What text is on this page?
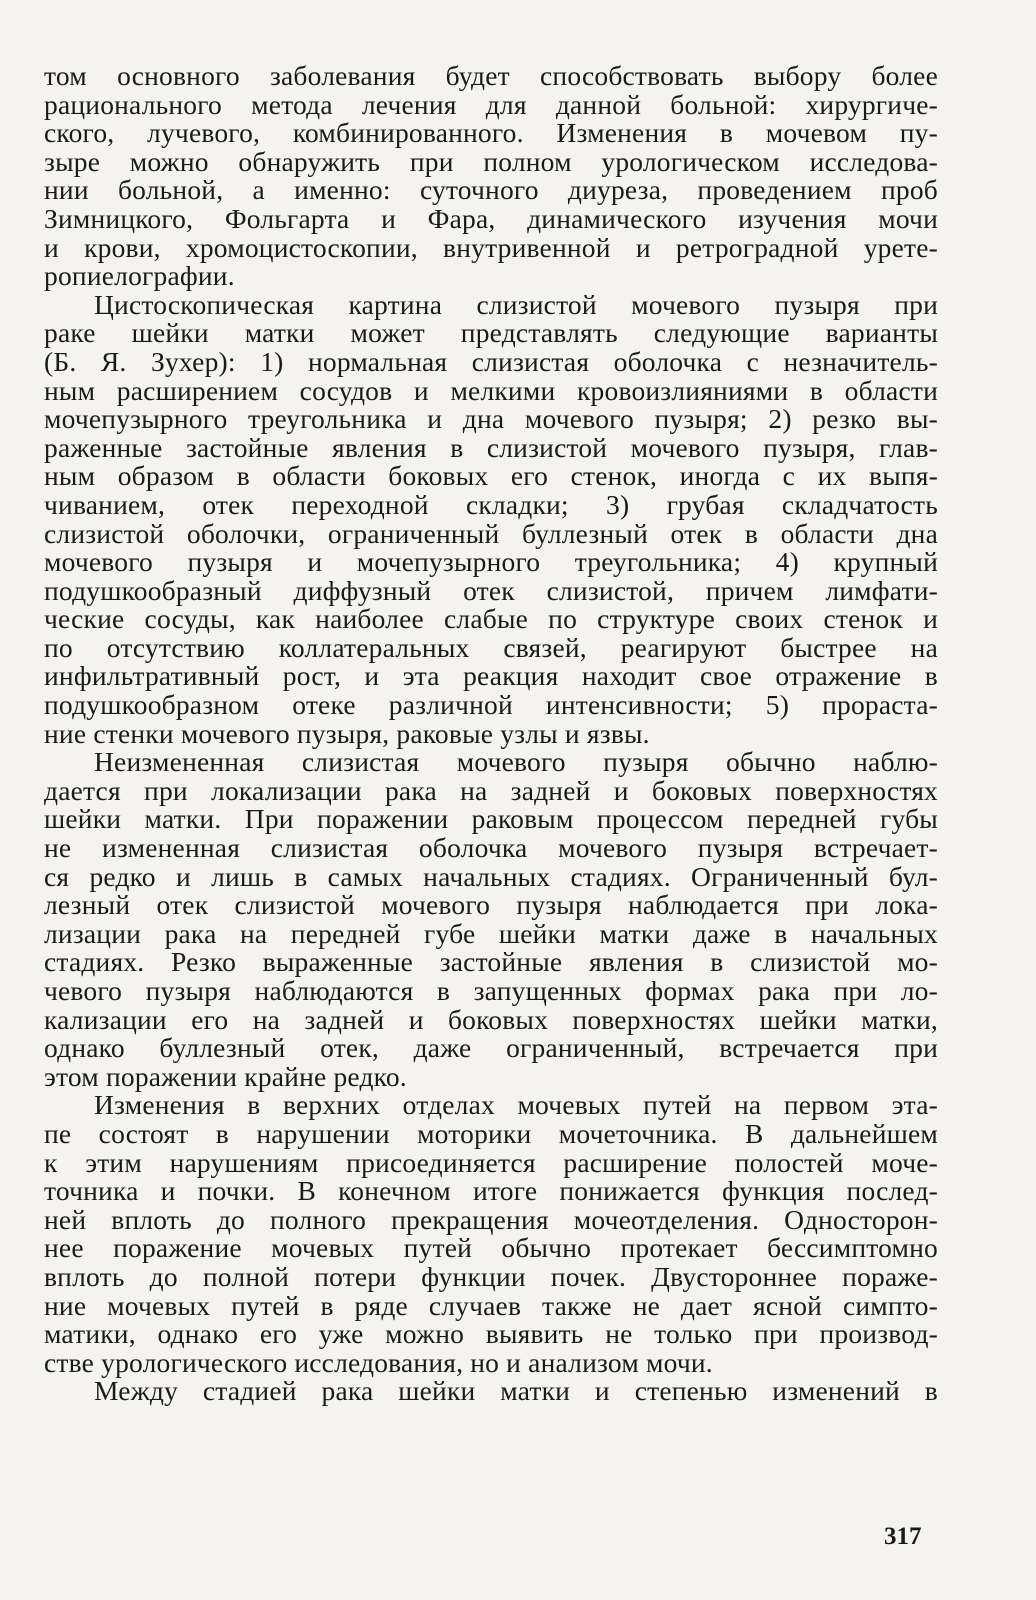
том основного заболевания будет способствовать выбору более
рационального метода лечения для данной больной: хирургиче-
ского, лучевого, комбинированного. Изменения в мочевом пу-
зыре можно обнаружить при полном урологическом исследова-
нии больной, а именно: суточного диуреза, проведением проб
Зимницкого, Фольгарта и Фара, динамического изучения мочи
и крови, хромоцистоскопии, внутривенной и ретроградной урете-
ропиелографии.
Цистоскопическая картина слизистой мочевого пузыря при
раке шейки матки может представлять следующие варианты
(Б. Я. Зухер): 1) нормальная слизистая оболочка с незначитель-
ным расширением сосудов и мелкими кровоизлияниями в области
мочепузырного треугольника и дна мочевого пузыря; 2) резко вы-
раженные застойные явления в слизистой мочевого пузыря, глав-
ным образом в области боковых его стенок, иногда с их выпя-
чиванием, отек переходной складки; 3) грубая складчатость
слизистой оболочки, ограниченный буллезный отек в области дна
мочевого пузыря и мочепузырного треугольника; 4) крупный
подушкообразный диффузный отек слизистой, причем лимфати-
ческие сосуды, как наиболее слабые по структуре своих стенок и
по отсутствию коллатеральных связей, реагируют быстрее на
инфильтративный рост, и эта реакция находит свое отражение в
подушкообразном отеке различной интенсивности; 5) прораста-
ние стенки мочевого пузыря, раковые узлы и язвы.
Неизмененная слизистая мочевого пузыря обычно наблю-
дается при локализации рака на задней и боковых поверхностях
шейки матки. При поражении раковым процессом передней губы
не измененная слизистая оболочка мочевого пузыря встречает-
ся редко и лишь в самых начальных стадиях. Ограниченный бул-
лезный отек слизистой мочевого пузыря наблюдается при лока-
лизации рака на передней губе шейки матки даже в начальных
стадиях. Резко выраженные застойные явления в слизистой мо-
чевого пузыря наблюдаются в запущенных формах рака при ло-
кализации его на задней и боковых поверхностях шейки матки,
однако буллезный отек, даже ограниченный, встречается при
этом поражении крайне редко.
Изменения в верхних отделах мочевых путей на первом эта-
пе состоят в нарушении моторики мочеточника. В дальнейшем
к этим нарушениям присоединяется расширение полостей моче-
точника и почки. В конечном итоге понижается функция послед-
ней вплоть до полного прекращения мочеотделения. Односторон-
нее поражение мочевых путей обычно протекает бессимптомно
вплоть до полной потери функции почек. Двустороннее пораже-
ние мочевых путей в ряде случаев также не дает ясной симпто-
матики, однако его уже можно выявить не только при производ-
стве урологического исследования, но и анализом мочи.
Между стадией рака шейки матки и степенью изменений в
317
